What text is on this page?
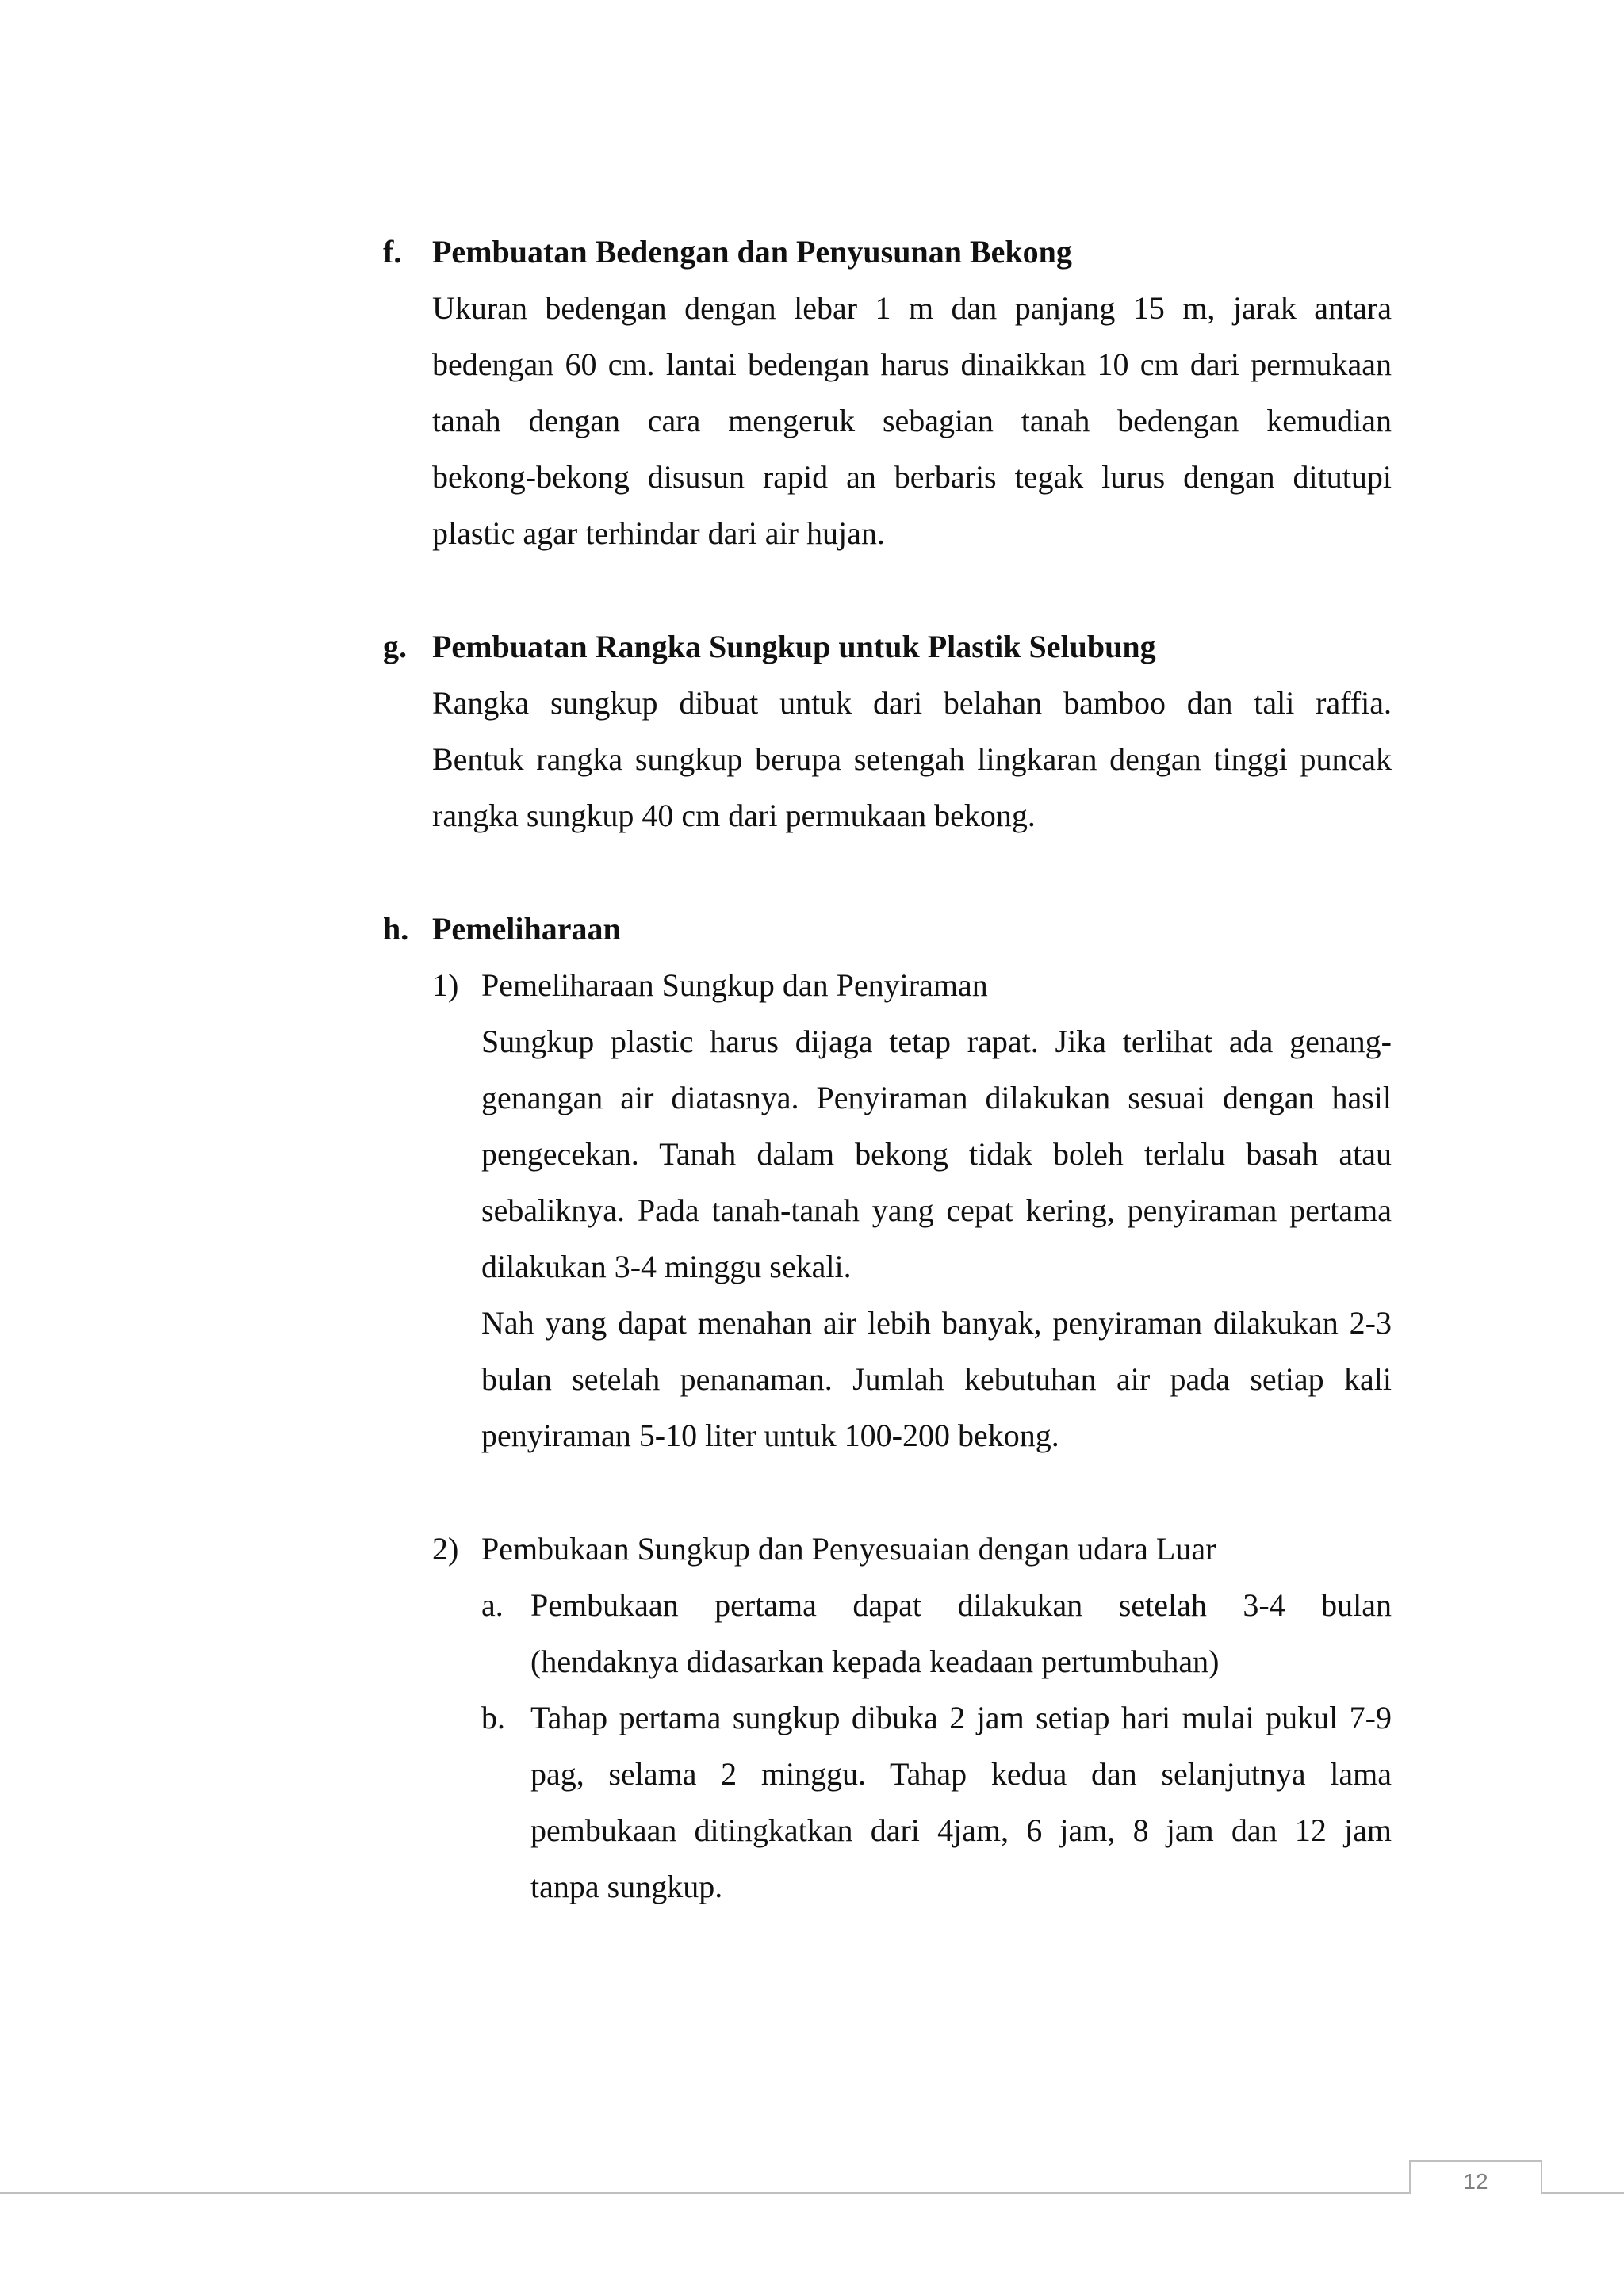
f. Pembuatan Bedengan dan Penyusunan Bekong
Ukuran bedengan dengan lebar 1 m dan panjang 15 m, jarak antara
bedengan 60 cm. lantai bedengan harus dinaikkan 10 cm dari permukaan
tanah dengan cara mengeruk sebagian tanah bedengan kemudian
bekong-bekong disusun rapid an berbaris tegak lurus dengan ditutupi
plastic agar terhindar dari air hujan.
g. Pembuatan Rangka Sungkup untuk Plastik Selubung
Rangka sungkup dibuat untuk dari belahan bamboo dan tali raffia.
Bentuk rangka sungkup berupa setengah lingkaran dengan tinggi puncak
rangka sungkup 40 cm dari permukaan bekong.
h. Pemeliharaan
1) Pemeliharaan Sungkup dan Penyiraman
Sungkup plastic harus dijaga tetap rapat. Jika terlihat ada genang-
genangan air diatasnya. Penyiraman dilakukan sesuai dengan hasil
pengecekan. Tanah dalam bekong tidak boleh terlalu basah atau
sebaliknya. Pada tanah-tanah yang cepat kering, penyiraman pertama
dilakukan 3-4 minggu sekali.
Nah yang dapat menahan air lebih banyak, penyiraman dilakukan 2-3
bulan setelah penanaman. Jumlah kebutuhan air pada setiap kali
penyiraman 5-10 liter untuk 100-200 bekong.
2) Pembukaan Sungkup dan Penyesuaian dengan udara Luar
a. Pembukaan pertama dapat dilakukan setelah 3-4 bulan
(hendaknya didasarkan kepada keadaan pertumbuhan)
b. Tahap pertama sungkup dibuka 2 jam setiap hari mulai pukul 7-9
pag, selama 2 minggu. Tahap kedua dan selanjutnya lama
pembukaan ditingkatkan dari 4jam, 6 jam, 8 jam dan 12 jam
tanpa sungkup.
12
